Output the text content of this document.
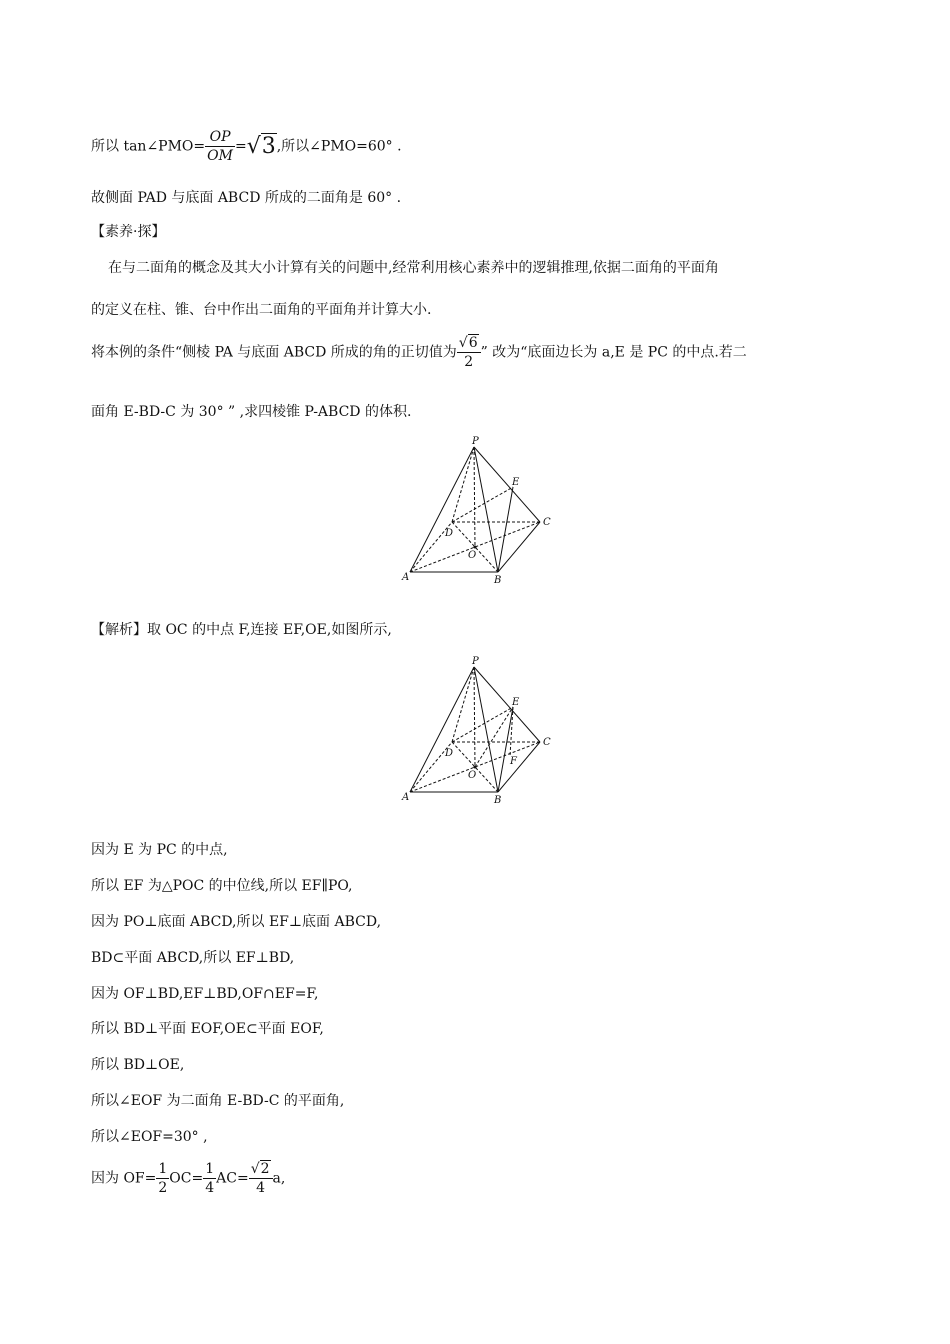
所以 tan∠PMO= $\frac{OP}{OM} =√3$,所以∠PMO=60° .
故侧面 PAD 与底面 ABCD 所成的二面角是 60° .
【素养·探】
在与二面角的概念及其大小计算有关的问题中,经常利用核心素养中的逻辑推理,依据二面角的平面角
的定义在柱、锥、台中作出二面角的平面角并计算大小.
将本例的条件“侧棱 PA 与底面 ABCD 所成的角的正切值为 $\frac{√6}{2}$ ” 改为“底面边长为 a,E 是 PC 的中点.若二
面角 E-BD-C 为 30° ” ,求四棱锥 P-ABCD 的体积.
P
E
C
D
O
A	B
【解析】取 OC 的中点 F,连接 EF,OE,如图所示,
P
E
C
D
O
F
A	B
因为 E 为 PC 的中点,
所以 EF 为△POC 的中位线,所以 EF∥PO,
因为 PO⊥底面 ABCD,所以 EF⊥底面 ABCD,
BD⊂平面 ABCD,所以 EF⊥BD,
因为 OF⊥BD,EF⊥BD,OF∩EF=F,
所以 BD⊥平面 EOF,OE⊂平面 EOF,
所以 BD⊥OE,
所以∠EOF 为二面角 E-BD-C 的平面角,
所以∠EOF=30° ,
因为 $OF= \frac{1}{2} OC= \frac{1}{4} AC= \frac{√2}{4} a$,
